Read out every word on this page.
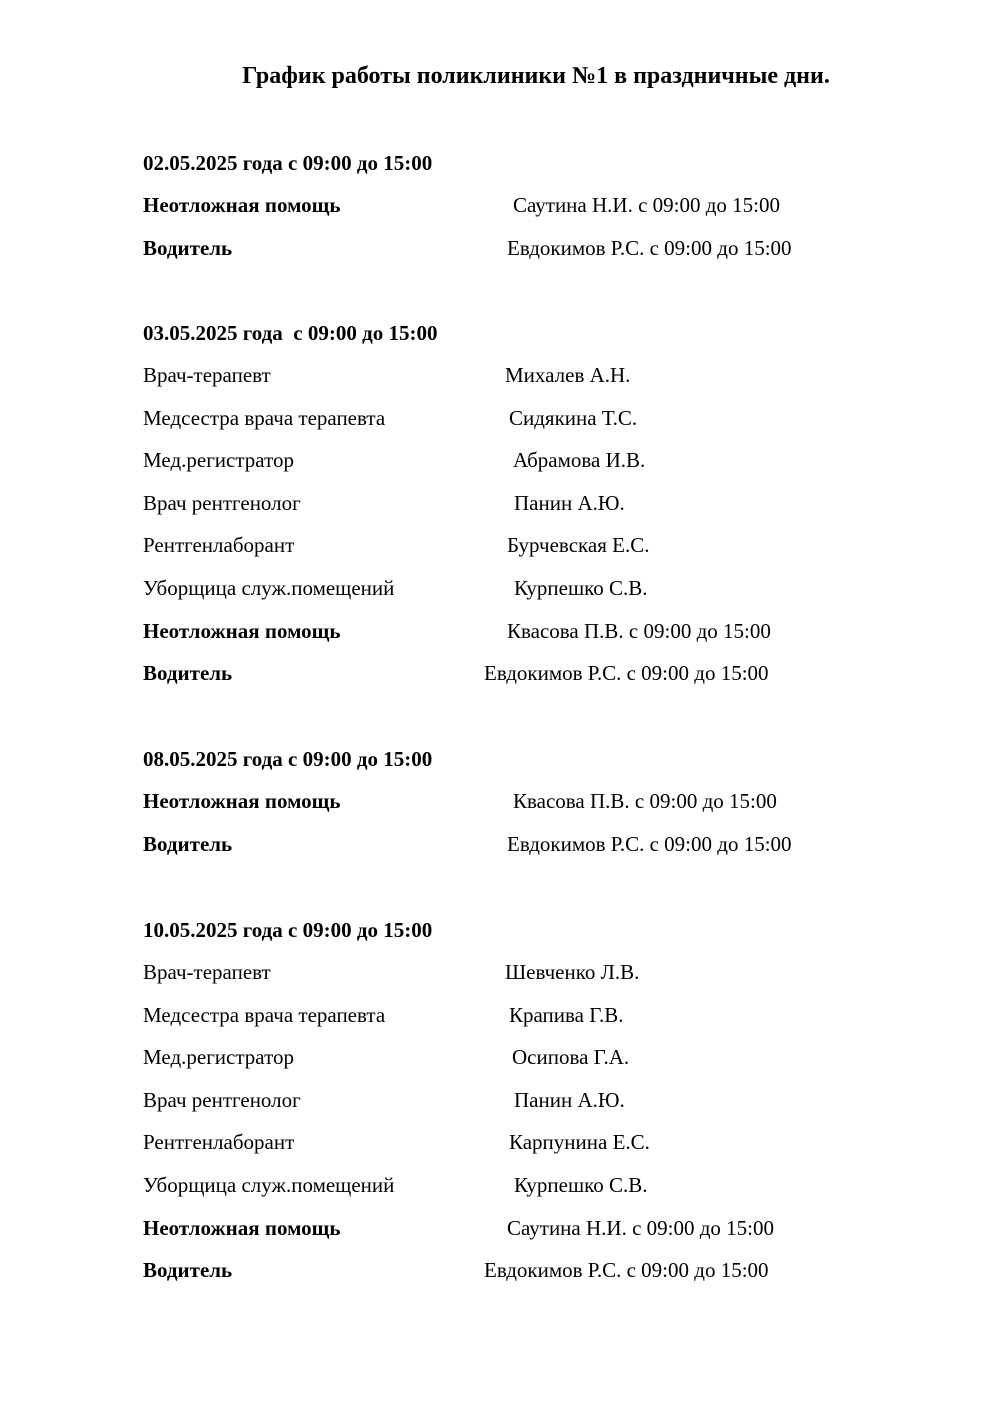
График работы поликлиники №1 в праздничные дни.
02.05.2025 года с 09:00 до 15:00
Неотложная помощь	Саутина Н.И. с 09:00 до 15:00
Водитель	Евдокимов Р.С. с 09:00 до 15:00
03.05.2025 года  с 09:00 до 15:00
Врач-терапевт	Михалев А.Н.
Медсестра врача терапевта	Сидякина Т.С.
Мед.регистратор	Абрамова И.В.
Врач рентгенолог	Панин А.Ю.
Рентгенлаборант	Бурчевская Е.С.
Уборщица служ.помещений	Курпешко С.В.
Неотложная помощь	Квасова П.В. с 09:00 до 15:00
Водитель	Евдокимов Р.С. с 09:00 до 15:00
08.05.2025 года с 09:00 до 15:00
Неотложная помощь	Квасова П.В. с 09:00 до 15:00
Водитель	Евдокимов Р.С. с 09:00 до 15:00
10.05.2025 года с 09:00 до 15:00
Врач-терапевт	Шевченко Л.В.
Медсестра врача терапевта	Крапива Г.В.
Мед.регистратор	Осипова Г.А.
Врач рентгенолог	Панин А.Ю.
Рентгенлаборант	Карпунина Е.С.
Уборщица служ.помещений	Курпешко С.В.
Неотложная помощь	Саутина Н.И. с 09:00 до 15:00
Водитель	Евдокимов Р.С. с 09:00 до 15:00
